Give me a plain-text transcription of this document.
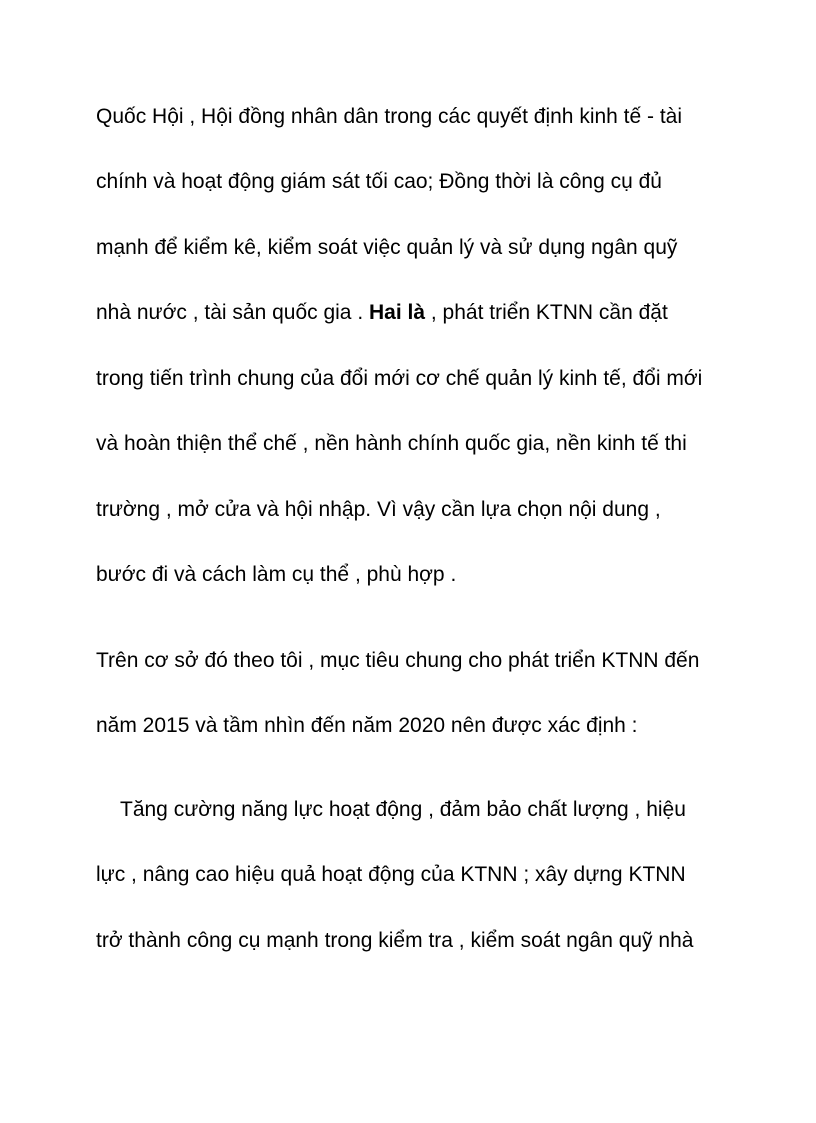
Quốc Hội , Hội đồng nhân dân trong các quyết định kinh tế - tài
chính và hoạt động giám sát tối cao; Đồng thời là công cụ đủ
mạnh để kiểm kê, kiểm soát việc quản lý và sử dụng ngân quỹ
nhà nước , tài sản quốc gia . Hai là , phát triển KTNN cần đặt
trong tiến trình chung của đổi mới cơ chế quản lý kinh tế, đổi mới
và hoàn thiện thể chế , nền hành chính quốc gia, nền kinh tế thi
trường , mở cửa và hội nhập. Vì vậy cần lựa chọn nội dung ,
bước đi và cách làm cụ thể , phù hợp .
Trên cơ sở đó theo tôi , mục tiêu chung cho phát triển KTNN đến
năm 2015 và tầm nhìn đến năm 2020 nên được xác định :
Tăng cường năng lực hoạt động , đảm bảo chất lượng , hiệu
lực , nâng cao hiệu quả hoạt động của KTNN ; xây dựng KTNN
trở thành công cụ mạnh trong kiểm tra , kiểm soát ngân quỹ nhà
